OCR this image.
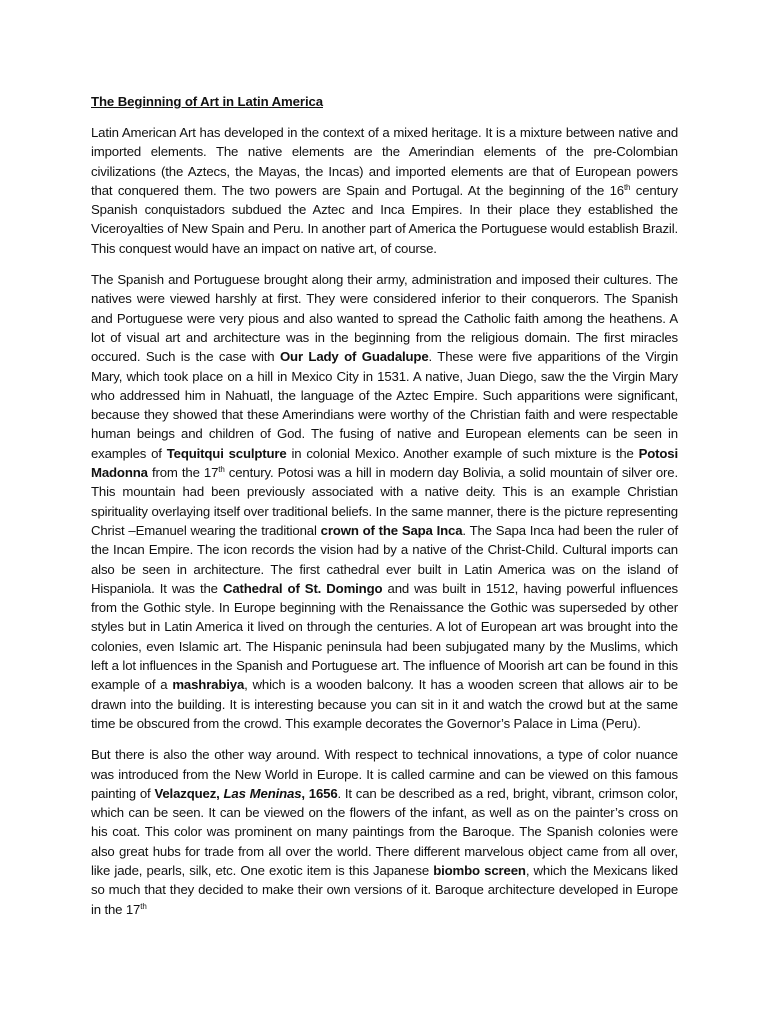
The Beginning of Art in Latin America

Latin American Art has developed in the context of a mixed heritage. It is a mixture between native and imported elements. The native elements are the Amerindian elements of the pre-Colombian civilizations (the Aztecs, the Mayas, the Incas) and imported elements are that of European powers that conquered them. The two powers are Spain and Portugal. At the beginning of the 16th century Spanish conquistadors subdued the Aztec and Inca Empires. In their place they established the Viceroyalties of New Spain and Peru. In another part of America the Portuguese would establish Brazil. This conquest would have an impact on native art, of course.

The Spanish and Portuguese brought along their army, administration and imposed their cultures. The natives were viewed harshly at first. They were considered inferior to their conquerors. The Spanish and Portuguese were very pious and also wanted to spread the Catholic faith among the heathens. A lot of visual art and architecture was in the beginning from the religious domain. The first miracles occured. Such is the case with Our Lady of Guadalupe. These were five apparitions of the Virgin Mary, which took place on a hill in Mexico City in 1531. A native, Juan Diego, saw the the Virgin Mary who addressed him in Nahuatl, the language of the Aztec Empire. Such apparitions were significant, because they showed that these Amerindians were worthy of the Christian faith and were respectable human beings and children of God. The fusing of native and European elements can be seen in examples of Tequitqui sculpture in colonial Mexico. Another example of such mixture is the Potosi Madonna from the 17th century. Potosi was a hill in modern day Bolivia, a solid mountain of silver ore. This mountain had been previously associated with a native deity. This is an example Christian spirituality overlaying itself over traditional beliefs. In the same manner, there is the picture representing Christ –Emanuel wearing the traditional crown of the Sapa Inca. The Sapa Inca had been the ruler of the Incan Empire. The icon records the vision had by a native of the Christ-Child. Cultural imports can also be seen in architecture. The first cathedral ever built in Latin America was on the island of Hispaniola. It was the Cathedral of St. Domingo and was built in 1512, having powerful influences from the Gothic style. In Europe beginning with the Renaissance the Gothic was superseded by other styles but in Latin America it lived on through the centuries. A lot of European art was brought into the colonies, even Islamic art. The Hispanic peninsula had been subjugated many by the Muslims, which left a lot influences in the Spanish and Portuguese art. The influence of Moorish art can be found in this example of a mashrabiya, which is a wooden balcony. It has a wooden screen that allows air to be drawn into the building. It is interesting because you can sit in it and watch the crowd but at the same time be obscured from the crowd. This example decorates the Governor’s Palace in Lima (Peru).

But there is also the other way around. With respect to technical innovations, a type of color nuance was introduced from the New World in Europe. It is called carmine and can be viewed on this famous painting of Velazquez, Las Meninas, 1656. It can be described as a red, bright, vibrant, crimson color, which can be seen. It can be viewed on the flowers of the infant, as well as on the painter’s cross on his coat. This color was prominent on many paintings from the Baroque. The Spanish colonies were also great hubs for trade from all over the world. There different marvelous object came from all over, like jade, pearls, silk, etc. One exotic item is this Japanese biombo screen, which the Mexicans liked so much that they decided to make their own versions of it. Baroque architecture developed in Europe in the 17th
